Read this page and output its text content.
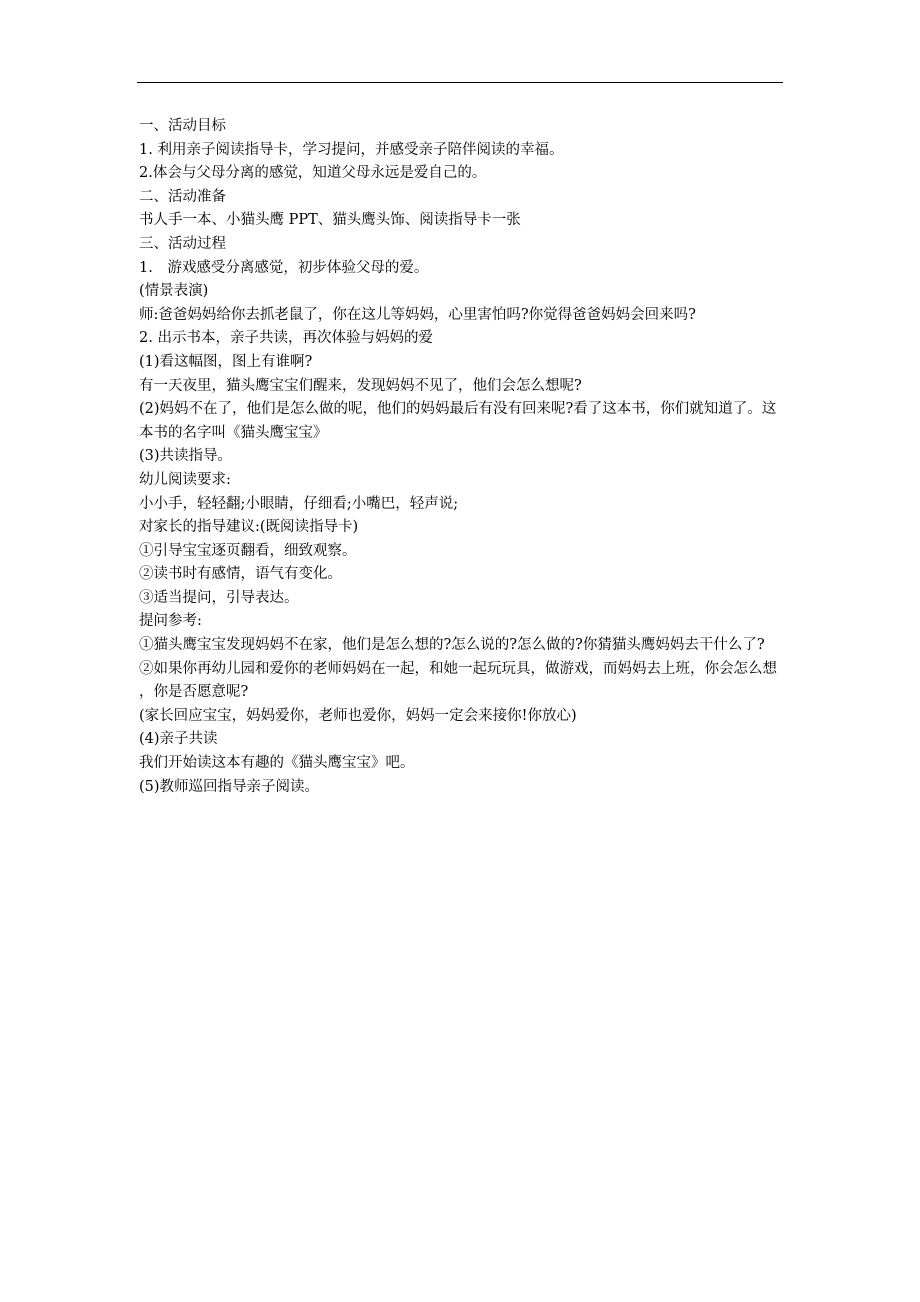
一、活动目标
1. 利用亲子阅读指导卡，学习提问，并感受亲子陪伴阅读的幸福。
2.体会与父母分离的感觉，知道父母永远是爱自己的。
二、活动准备
书人手一本、小猫头鹰 PPT、猫头鹰头饰、阅读指导卡一张
三、活动过程
1.　游戏感受分离感觉，初步体验父母的爱。
(情景表演)
师:爸爸妈妈给你去抓老鼠了，你在这儿等妈妈，心里害怕吗?你觉得爸爸妈妈会回来吗?
2. 出示书本，亲子共读，再次体验与妈妈的爱
(1)看这幅图，图上有谁啊?
有一天夜里，猫头鹰宝宝们醒来，发现妈妈不见了，他们会怎么想呢?
(2)妈妈不在了，他们是怎么做的呢，他们的妈妈最后有没有回来呢?看了这本书，你们就知道了。这本书的名字叫《猫头鹰宝宝》
(3)共读指导。
幼儿阅读要求:
小小手，轻轻翻;小眼睛，仔细看;小嘴巴，轻声说;
对家长的指导建议:(既阅读指导卡)
①引导宝宝逐页翻看，细致观察。
②读书时有感情，语气有变化。
③适当提问，引导表达。
提问参考:
①猫头鹰宝宝发现妈妈不在家，他们是怎么想的?怎么说的?怎么做的?你猜猫头鹰妈妈去干什么了?
②如果你再幼儿园和爱你的老师妈妈在一起，和她一起玩玩具，做游戏，而妈妈去上班，你会怎么想，你是否愿意呢?
(家长回应宝宝，妈妈爱你，老师也爱你，妈妈一定会来接你!你放心)
(4)亲子共读
我们开始读这本有趣的《猫头鹰宝宝》吧。
(5)教师巡回指导亲子阅读。
